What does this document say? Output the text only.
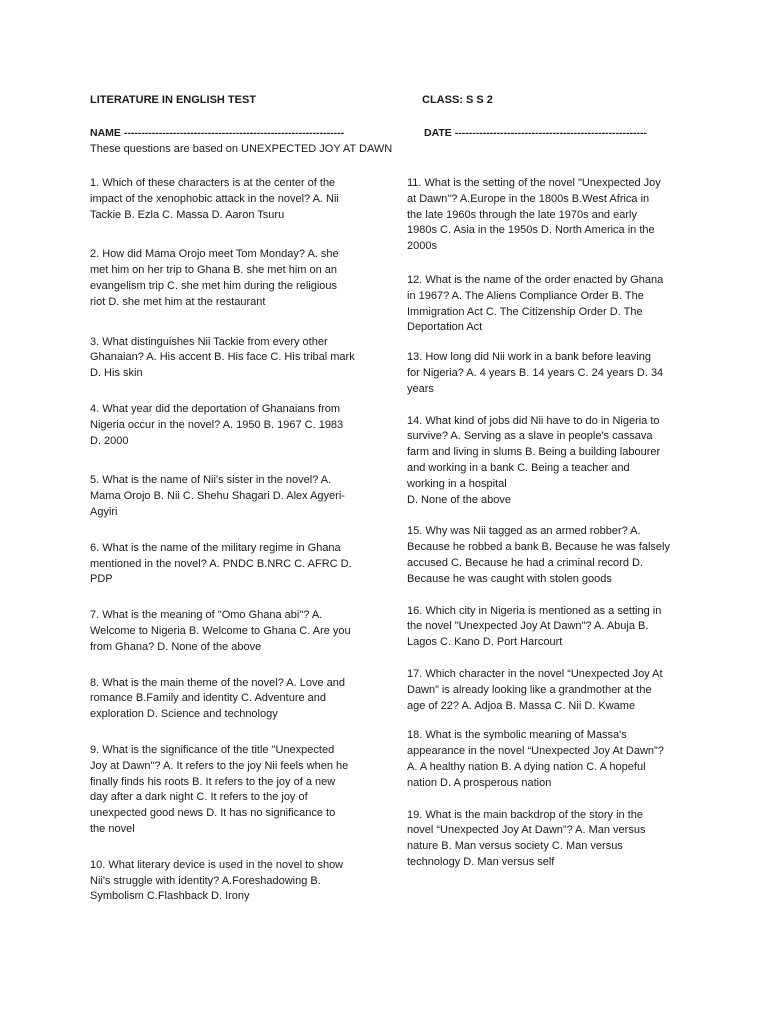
LITERATURE IN ENGLISH TEST	CLASS: S S 2
NAME ---------------------------------------------------------------	DATE -------------------------------------------------------
These questions are based on UNEXPECTED JOY AT DAWN
1. Which of these characters is at the center of the
impact of the xenophobic attack in the novel? A. Nii
Tackie B. Ezla C. Massa D. Aaron Tsuru
2. How did Mama Orojo meet Tom Monday? A. she
met him on her trip to Ghana B. she met him on an
evangelism trip C. she met him during the religious
riot D. she met him at the restaurant
3. What distinguishes Nii Tackie from every other
Ghanaian? A. His accent B. His face C. His tribal mark
D. His skin
4. What year did the deportation of Ghanaians from
Nigeria occur in the novel? A. 1950 B. 1967 C. 1983
D. 2000
5. What is the name of Nii's sister in the novel? A.
Mama Orojo B. Nii C. Shehu Shagari D. Alex Agyeri-
Agyiri
6. What is the name of the military regime in Ghana
mentioned in the novel? A. PNDC B.NRC C. AFRC D.
PDP
7. What is the meaning of "Omo Ghana abi"? A.
Welcome to Nigeria B. Welcome to Ghana C. Are you
from Ghana? D. None of the above
8. What is the main theme of the novel? A. Love and
romance B.Family and identity C. Adventure and
exploration D. Science and technology
9. What is the significance of the title "Unexpected
Joy at Dawn"? A. It refers to the joy Nii feels when he
finally finds his roots B. It refers to the joy of a new
day after a dark night C. It refers to the joy of
unexpected good news D. It has no significance to
the novel
10. What literary device is used in the novel to show
Nii's struggle with identity? A.Foreshadowing B.
Symbolism C.Flashback D. Irony
11. What is the setting of the novel "Unexpected Joy
at Dawn"? A.Europe in the 1800s B.West Africa in
the late 1960s through the late 1970s and early
1980s C. Asia in the 1950s D. North America in the
2000s
12. What is the name of the order enacted by Ghana
in 1967? A. The Aliens Compliance Order B. The
Immigration Act C. The Citizenship Order D. The
Deportation Act
13. How long did Nii work in a bank before leaving
for Nigeria? A. 4 years B. 14 years C. 24 years D. 34
years
14. What kind of jobs did Nii have to do in Nigeria to
survive? A. Serving as a slave in people's cassava
farm and living in slums B. Being a building labourer
and working in a bank C. Being a teacher and
working in a hospital
D. None of the above
15. Why was Nii tagged as an armed robber? A.
Because he robbed a bank B. Because he was falsely
accused C. Because he had a criminal record D.
Because he was caught with stolen goods
16. Which city in Nigeria is mentioned as a setting in
the novel "Unexpected Joy At Dawn"? A. Abuja B.
Lagos C. Kano D. Port Harcourt
17. Which character in the novel “Unexpected Joy At
Dawn” is already looking like a grandmother at the
age of 22? A. Adjoa B. Massa C. Nii D. Kwame
18. What is the symbolic meaning of Massa's
appearance in the novel “Unexpected Joy At Dawn”?
A. A healthy nation B. A dying nation C. A hopeful
nation D. A prosperous nation
19. What is the main backdrop of the story in the
novel “Unexpected Joy At Dawn”? A. Man versus
nature B. Man versus society C. Man versus
technology D. Man versus self
